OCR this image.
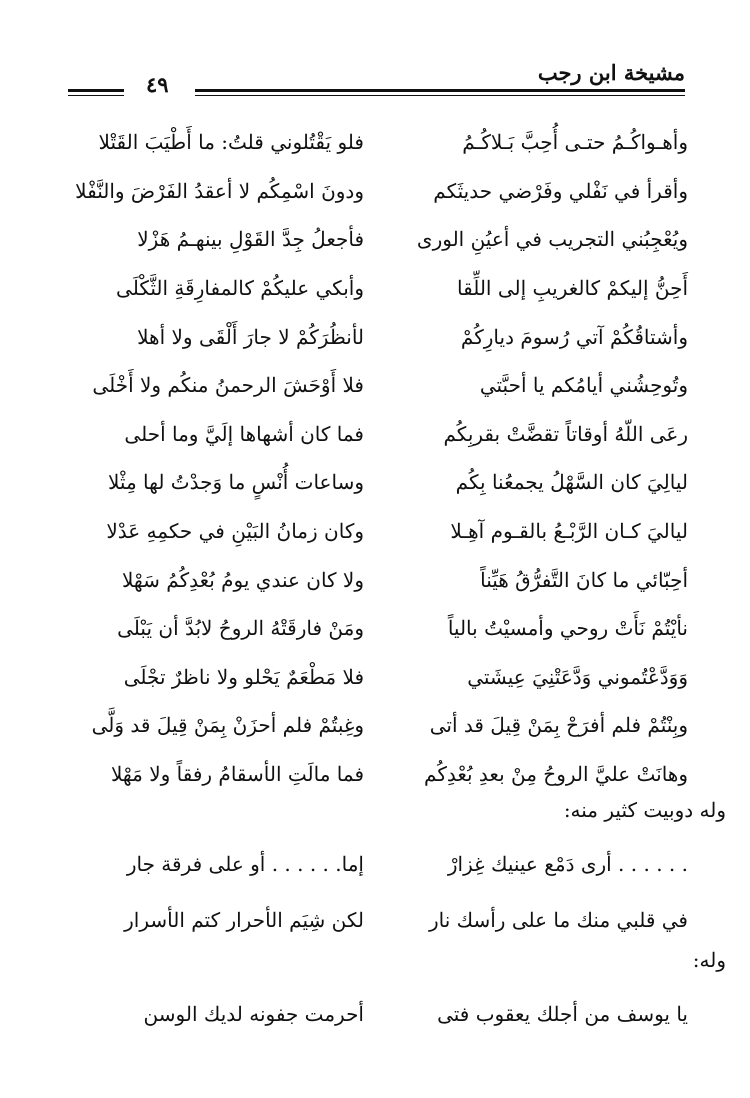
مشيخة ابن رجب
٤٩
وأهـواكُـمُ حتـى أُحِبَّ بَـلاكُـمُ
فلو يَقْتُلوني قلتُ: ما أَطْيَبَ القَتْلا
وأقرأ في نَفْلي وفَرْضي حديثَكم
ودونَ اسْمِكُم لا أعقدُ الفَرْضَ والنَّفْلا
ويُعْجِبُني التجريب في أعيُنِ الورى
فأجعلُ جِدَّ القَوْلِ بينهـمُ هَزْلا
أَحِنُّ إليكمْ كالغريبِ إلى اللِّقا
وأبكي عليكُمْ كالمفارِقَةِ الثَّكْلَى
وأشتاقُكُمْ آتي رُسومَ ديارِكُمْ
لأنظُرَكُمْ لا جارَ أَلْقَى ولا أهلا
وتُوحِشُني أيامُكم يا أحبَّتي
فلا أَوْحَشَ الرحمنُ منكُم ولا أَخْلَى
رعَى اللّهُ أوقاتاً تقضَّتْ بقربِكُم
فما كان أشهاها إلَيَّ وما أحلى
ليالِيَ كان السَّهْلُ يجمعُنا بِكُم
وساعات أُنْسٍ ما وَجدْتُ لها مِثْلا
لياليَ كـان الرَّبْـعُ بالقـوم آهِـلا
وكان زمانُ البَيْنِ في حكمِهِ عَدْلا
أحِبّائي ما كانَ التَّفرُّقُ هَيِّناً
ولا كان عندي يومُ بُعْدِكُمُ سَهْلا
نأيْتُمْ نَأَتْ روحي وأمسيْتُ بالياً
ومَنْ فارقَتْهُ الروحُ لابُدَّ أن يَبْلَى
وَوَدَّعْتُموني وَدَّعَتْنِيَ عِيشَتي
فلا مَطْعَمٌ يَحْلو ولا ناظرٌ تجْلَى
وبِنْتُمْ فلم أفرَحْ بِمَنْ قِيلَ قد أتى
وغِبتُمْ فلم أحزَنْ بِمَنْ قِيلَ قد وَلَّى
وهانَتْ عليَّ الروحُ مِنْ بعدِ بُعْدِكُم
فما مالَتِ الأسقامُ رفقاً ولا مَهْلا
وله دوبيت كثير منه:
. . . . . . أرى دَمْع عينيك غِزارْ
إما. . . . . . أو على فرقة جار
في قلبي منك ما على رأسك نار
لكن شِيَم الأحرار كتم الأسرار
وله:
يا يوسف من أجلك يعقوب فتى
أحرمت جفونه لديك الوسن
